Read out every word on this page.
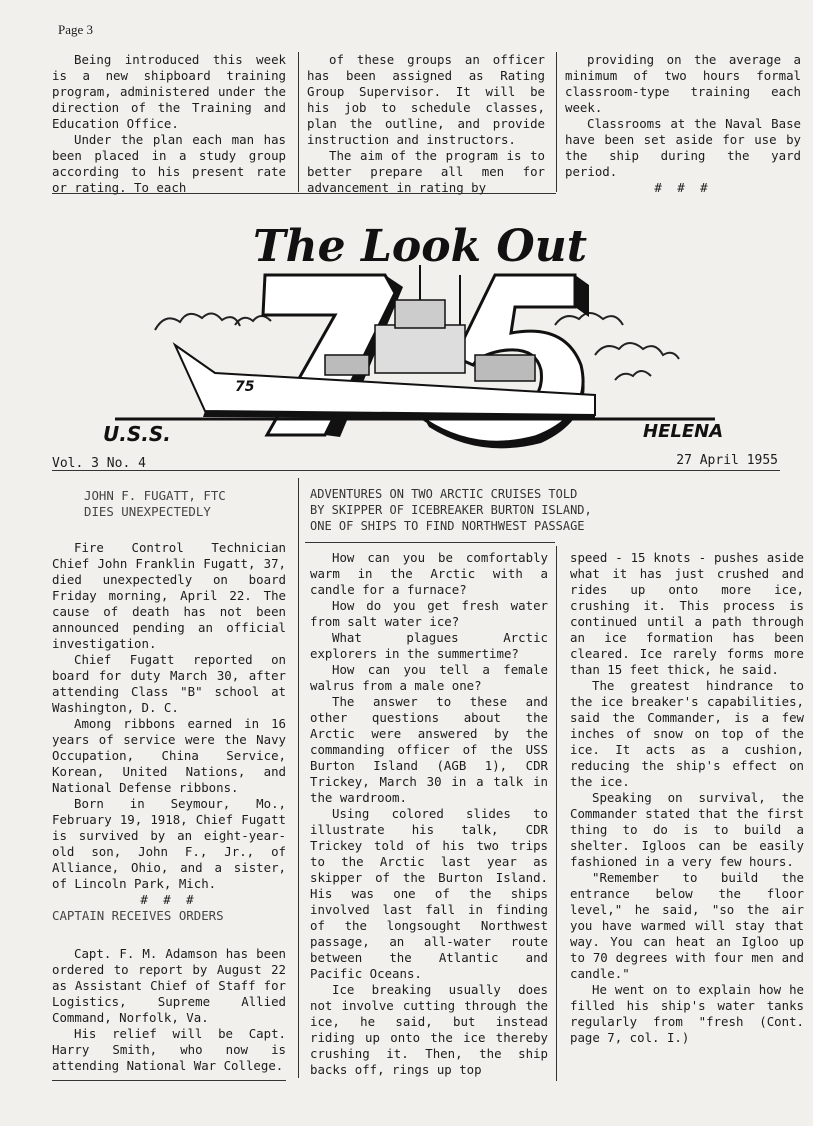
Page 3

Being introduced this week is a new shipboard training program, administered under the direction of the Training and Education Office.

Under the plan each man has been placed in a study group according to his present rate or rating. To each

of these groups an officer has been assigned as Rating Group Supervisor. It will be his job to schedule classes, plan the outline, and provide instruction and instructors.

The aim of the program is to better prepare all men for advancement in rating by

providing on the average a minimum of two hours formal classroom-type training each week.

Classrooms at the Naval Base have been set aside for use by the ship during the yard period.

# # #

The Look Out
75
U.S.S.	HELENA
Vol. 3 No. 4	27 April 1955

JOHN F. FUGATT, FTC
DIES UNEXPECTEDLY

Fire Control Technician Chief John Franklin Fugatt, 37, died unexpectedly on board Friday morning, April 22. The cause of death has not been announced pending an official investigation.

Chief Fugatt reported on board for duty March 30, after attending Class "B" school at Washington, D. C.

Among ribbons earned in 16 years of service were the Navy Occupation, China Service, Korean, United Nations, and National Defense ribbons.

Born in Seymour, Mo., February 19, 1918, Chief Fugatt is survived by an eight-year-old son, John F., Jr., of Alliance, Ohio, and a sister, of Lincoln Park, Mich.

# # #

CAPTAIN RECEIVES ORDERS

Capt. F. M. Adamson has been ordered to report by August 22 as Assistant Chief of Staff for Logistics, Supreme Allied Command, Norfolk, Va.

His relief will be Capt. Harry Smith, who now is attending National War College.

ADVENTURES ON TWO ARCTIC CRUISES TOLD
BY SKIPPER OF ICEBREAKER BURTON ISLAND,
ONE OF SHIPS TO FIND NORTHWEST PASSAGE

How can you be comfortably warm in the Arctic with a candle for a furnace?

How do you get fresh water from salt water ice?

What plagues Arctic explorers in the summertime?

How can you tell a female walrus from a male one?

The answer to these and other questions about the Arctic were answered by the commanding officer of the USS Burton Island (AGB 1), CDR Trickey, March 30 in a talk in the wardroom.

Using colored slides to illustrate his talk, CDR Trickey told of his two trips to the Arctic last year as skipper of the Burton Island. His was one of the ships involved last fall in finding of the longsought Northwest passage, an all-water route between the Atlantic and Pacific Oceans.

Ice breaking usually does not involve cutting through the ice, he said, but instead riding up onto the ice thereby crushing it. Then, the ship backs off, rings up top

speed - 15 knots - pushes aside what it has just crushed and rides up onto more ice, crushing it. This process is continued until a path through an ice formation has been cleared. Ice rarely forms more than 15 feet thick, he said.

The greatest hindrance to the ice breaker's capabilities, said the Commander, is a few inches of snow on top of the ice. It acts as a cushion, reducing the ship's effect on the ice.

Speaking on survival, the Commander stated that the first thing to do is to build a shelter. Igloos can be easily fashioned in a very few hours.

"Remember to build the entrance below the floor level," he said, "so the air you have warmed will stay that way. You can heat an Igloo up to 70 degrees with four men and candle."

He went on to explain how he filled his ship's water tanks regularly from "fresh (Cont. page 7, col. I.)
